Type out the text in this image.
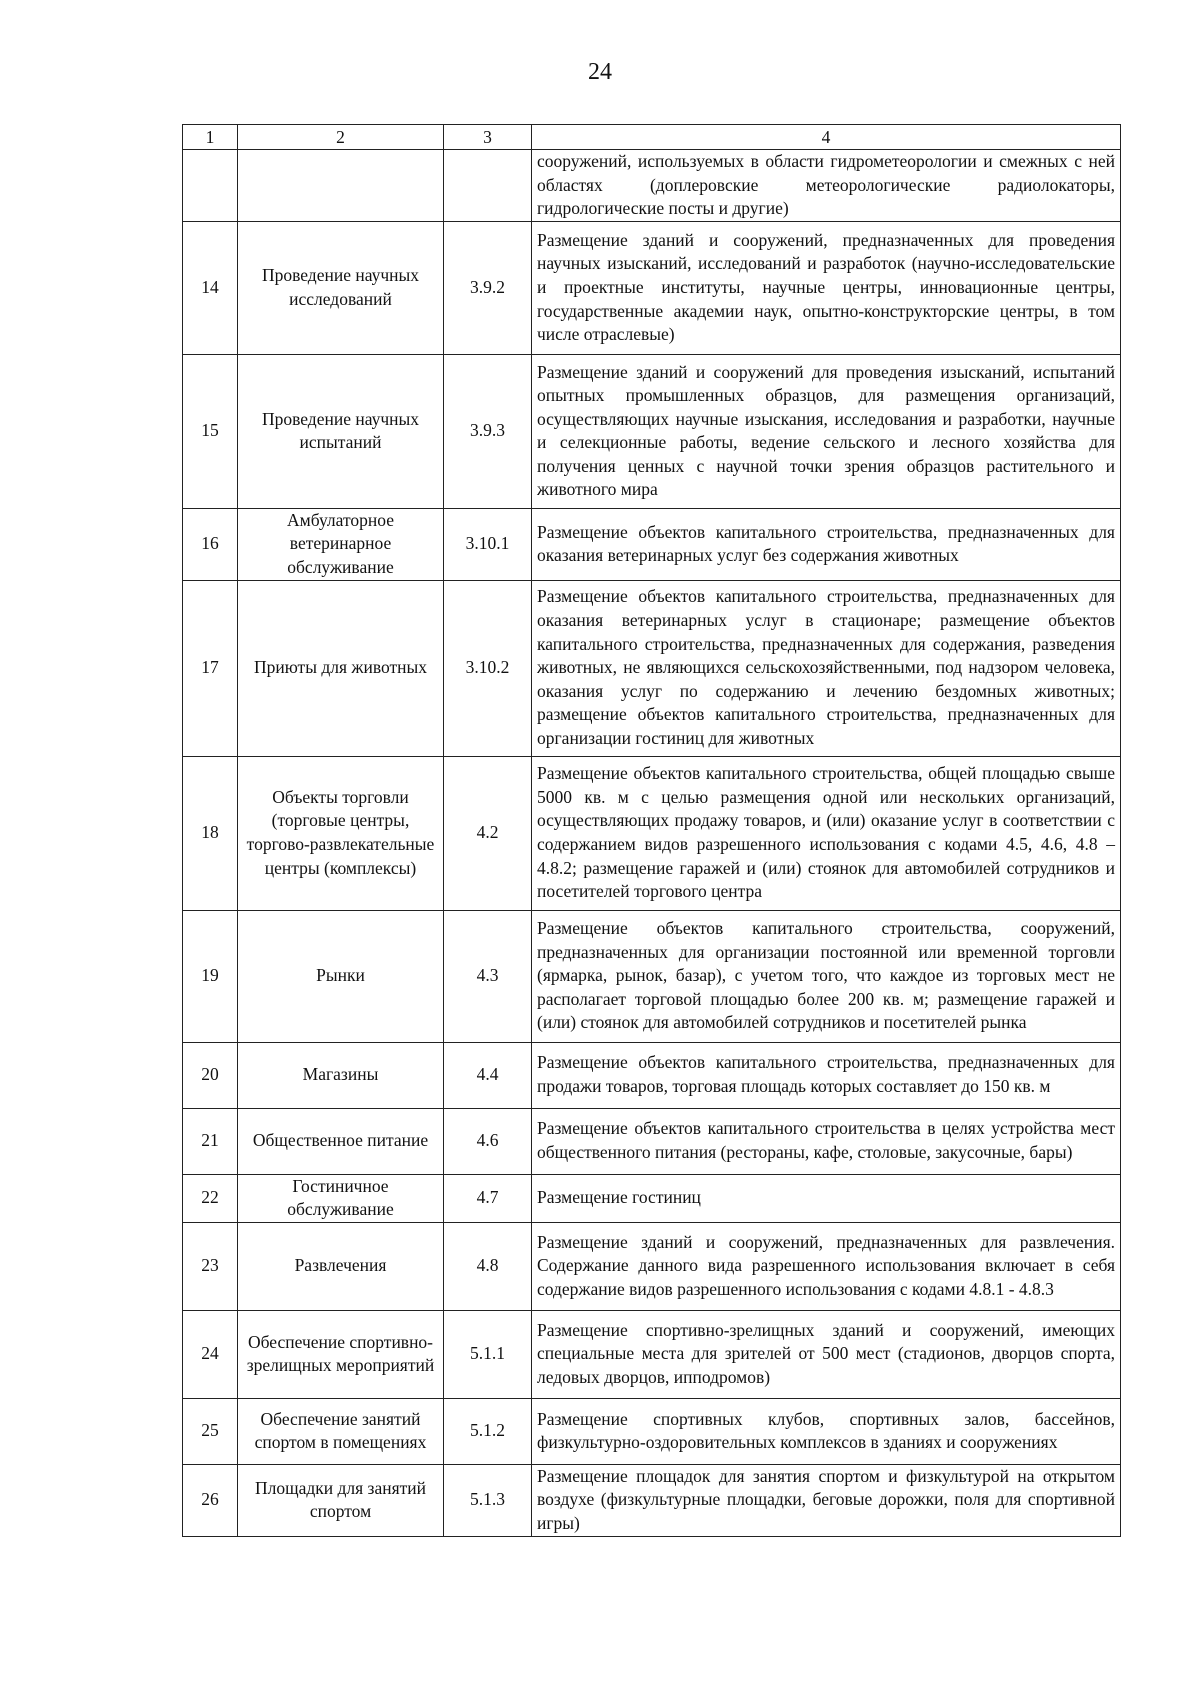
24
1	2	3	4
			сооружений, используемых в области гидрометеорологии и смежных с ней областях (доплеровские метеорологические радиолокаторы, гидрологические посты и другие)
14	Проведение научных исследований	3.9.2	Размещение зданий и сооружений, предназначенных для проведения научных изысканий, исследований и разработок (научно-исследовательские и проектные институты, научные центры, инновационные центры, государственные академии наук, опытно-конструкторские центры, в том числе отраслевые)
15	Проведение научных испытаний	3.9.3	Размещение зданий и сооружений для проведения изысканий, испытаний опытных промышленных образцов, для размещения организаций, осуществляющих научные изыскания, исследования и разработки, научные и селекционные работы, ведение сельского и лесного хозяйства для получения ценных с научной точки зрения образцов растительного и животного мира
16	Амбулаторное ветеринарное обслуживание	3.10.1	Размещение объектов капитального строительства, предназначенных для оказания ветеринарных услуг без содержания животных
17	Приюты для животных	3.10.2	Размещение объектов капитального строительства, предназначенных для оказания ветеринарных услуг в стационаре; размещение объектов капитального строительства, предназначенных для содержания, разведения животных, не являющихся сельскохозяйственными, под надзором человека, оказания услуг по содержанию и лечению бездомных животных; размещение объектов капитального строительства, предназначенных для организации гостиниц для животных
18	Объекты торговли (торговые центры, торгово-развлекательные центры (комплексы)	4.2	Размещение объектов капитального строительства, общей площадью свыше 5000 кв. м с целью размещения одной или нескольких организаций, осуществляющих продажу товаров, и (или) оказание услуг в соответствии с содержанием видов разрешенного использования с кодами 4.5, 4.6, 4.8 – 4.8.2; размещение гаражей и (или) стоянок для автомобилей сотрудников и посетителей торгового центра
19	Рынки	4.3	Размещение объектов капитального строительства, сооружений, предназначенных для организации постоянной или временной торговли (ярмарка, рынок, базар), с учетом того, что каждое из торговых мест не располагает торговой площадью более 200 кв. м; размещение гаражей и (или) стоянок для автомобилей сотрудников и посетителей рынка
20	Магазины	4.4	Размещение объектов капитального строительства, предназначенных для продажи товаров, торговая площадь которых составляет до 150 кв. м
21	Общественное питание	4.6	Размещение объектов капитального строительства в целях устройства мест общественного питания (рестораны, кафе, столовые, закусочные, бары)
22	Гостиничное обслуживание	4.7	Размещение гостиниц
23	Развлечения	4.8	Размещение зданий и сооружений, предназначенных для развлечения. Содержание данного вида разрешенного использования включает в себя содержание видов разрешенного использования с кодами 4.8.1 - 4.8.3
24	Обеспечение спортивно-зрелищных мероприятий	5.1.1	Размещение спортивно-зрелищных зданий и сооружений, имеющих специальные места для зрителей от 500 мест (стадионов, дворцов спорта, ледовых дворцов, ипподромов)
25	Обеспечение занятий спортом в помещениях	5.1.2	Размещение спортивных клубов, спортивных залов, бассейнов, физкультурно-оздоровительных комплексов в зданиях и сооружениях
26	Площадки для занятий спортом	5.1.3	Размещение площадок для занятия спортом и физкультурой на открытом воздухе (физкультурные площадки, беговые дорожки, поля для спортивной игры)
